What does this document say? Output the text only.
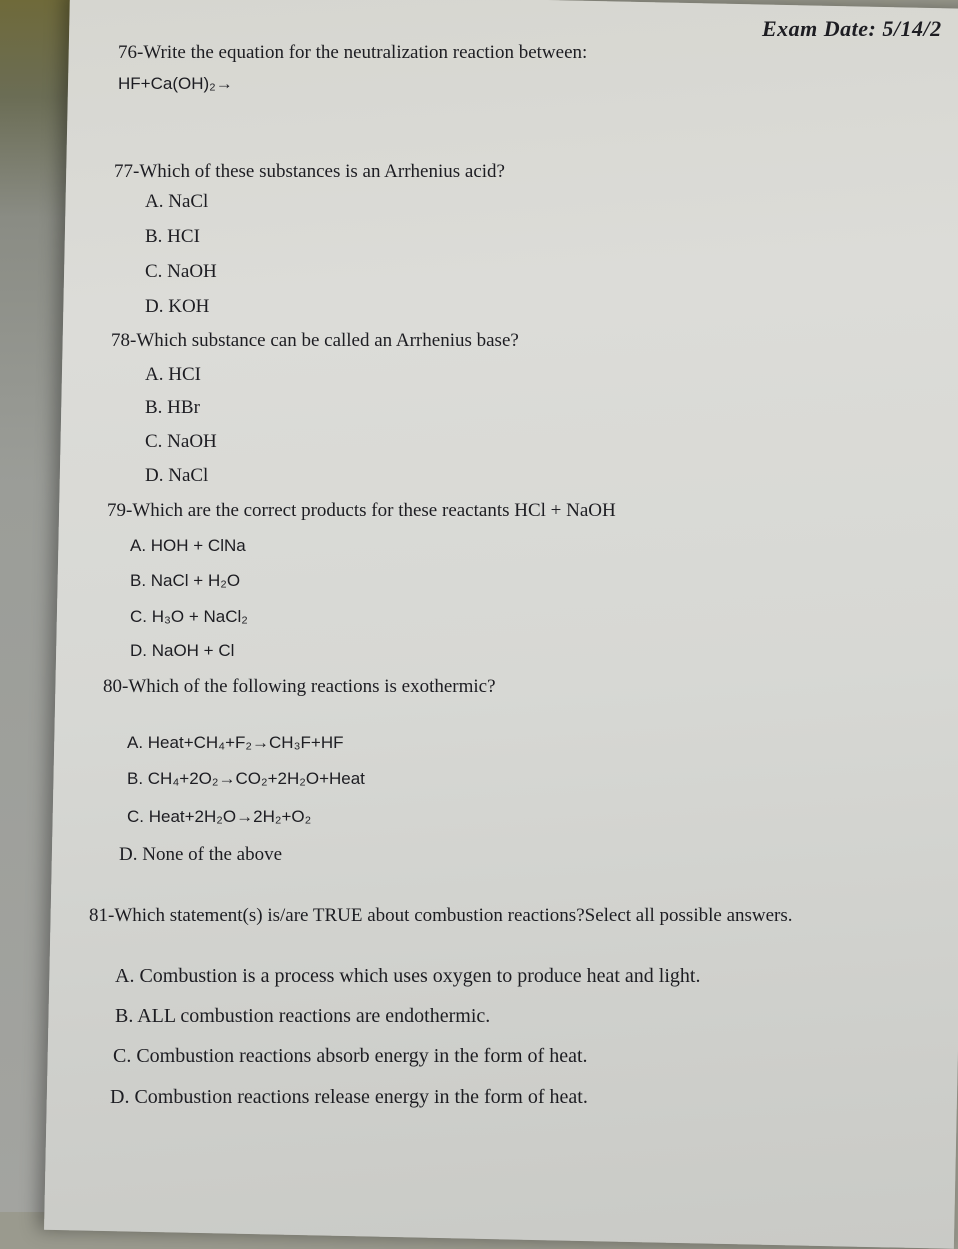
Exam Date: 5/14/2
76-Write the equation for the neutralization reaction between:
HF+Ca(OH)₂→
77-Which of these substances is an Arrhenius acid?
A. NaCl
B. HCI
C. NaOH
D. KOH
78-Which substance can be called an Arrhenius base?
A. HCI
B. HBr
C. NaOH
D. NaCl
79-Which are the correct products for these reactants HCl + NaOH
A. HOH + ClNa
B. NaCl + H₂O
C. H₃O + NaCl₂
D. NaOH + Cl
80-Which of the following reactions is exothermic?
A. Heat+CH₄+F₂→CH₃F+HF
B. CH₄+2O₂→CO₂+2H₂O+Heat
C. Heat+2H₂O→2H₂+O₂
D. None of the above
81-Which statement(s) is/are TRUE about combustion reactions?Select all possible answers.
A. Combustion is a process which uses oxygen to produce heat and light.
B. ALL combustion reactions are endothermic.
C. Combustion reactions absorb energy in the form of heat.
D. Combustion reactions release energy in the form of heat.
